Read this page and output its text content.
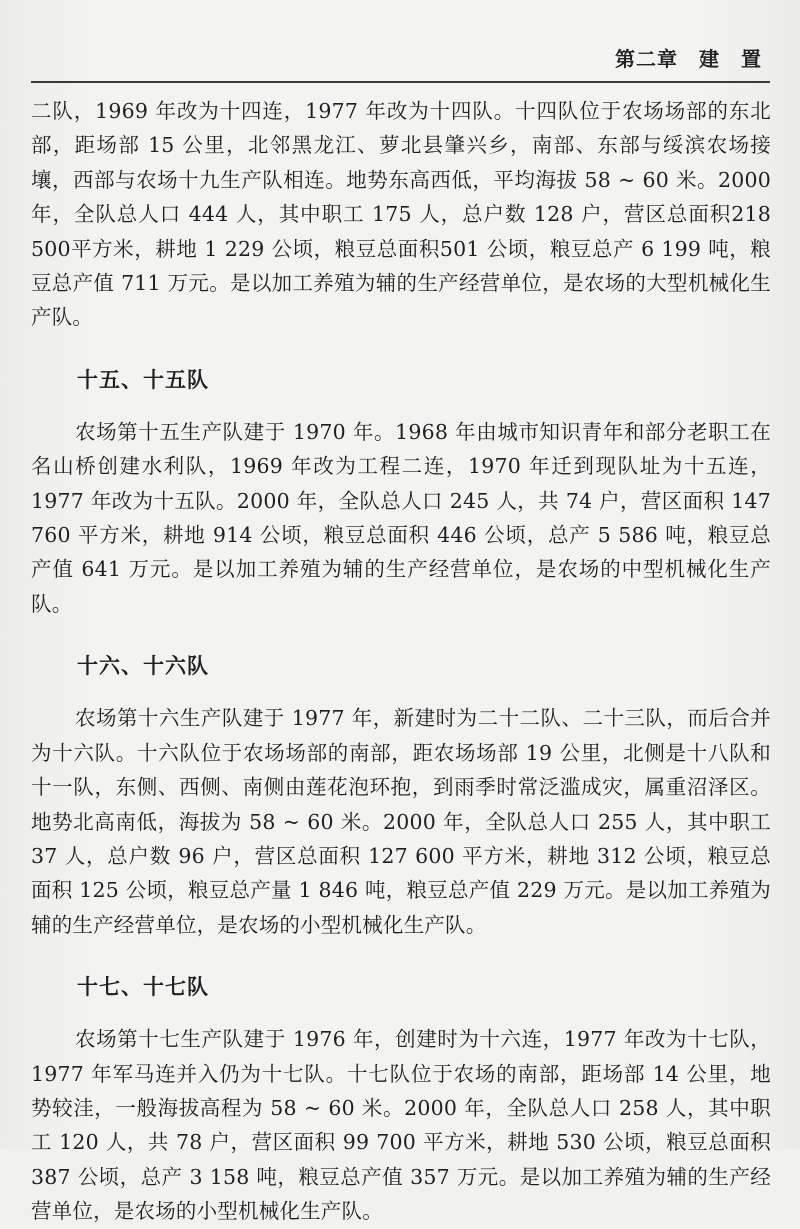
第二章　建　置

二队，1969 年改为十四连，1977 年改为十四队。十四队位于农场场部的东北部，距场部 15 公里，北邻黑龙江、萝北县肇兴乡，南部、东部与绥滨农场接壤，西部与农场十九生产队相连。地势东高西低，平均海拔 58 ~ 60 米。2000 年，全队总人口 444 人，其中职工 175 人，总户数 128 户，营区总面积218 500平方米，耕地 1 229 公顷，粮豆总面积501 公顷，粮豆总产 6 199 吨，粮豆总产值 711 万元。是以加工养殖为辅的生产经营单位，是农场的大型机械化生产队。

十五、十五队

农场第十五生产队建于 1970 年。1968 年由城市知识青年和部分老职工在名山桥创建水利队，1969 年改为工程二连，1970 年迁到现队址为十五连，1977 年改为十五队。2000 年，全队总人口 245 人，共 74 户，营区面积 147 760 平方米，耕地 914 公顷，粮豆总面积 446 公顷，总产 5 586 吨，粮豆总产值 641 万元。是以加工养殖为辅的生产经营单位，是农场的中型机械化生产队。

十六、十六队

农场第十六生产队建于 1977 年，新建时为二十二队、二十三队，而后合并为十六队。十六队位于农场场部的南部，距农场场部 19 公里，北侧是十八队和十一队，东侧、西侧、南侧由莲花泡环抱，到雨季时常泛滥成灾，属重沼泽区。地势北高南低，海拔为 58 ~ 60 米。2000 年，全队总人口 255 人，其中职工 37 人，总户数 96 户，营区总面积 127 600 平方米，耕地 312 公顷，粮豆总面积 125 公顷，粮豆总产量 1 846 吨，粮豆总产值 229 万元。是以加工养殖为辅的生产经营单位，是农场的小型机械化生产队。

十七、十七队

农场第十七生产队建于 1976 年，创建时为十六连，1977 年改为十七队，1977 年军马连并入仍为十七队。十七队位于农场的南部，距场部 14 公里，地势较洼，一般海拔高程为 58 ~ 60 米。2000 年，全队总人口 258 人，其中职工 120 人，共 78 户，营区面积 99 700 平方米，耕地 530 公顷，粮豆总面积 387 公顷，总产 3 158 吨，粮豆总产值 357 万元。是以加工养殖为辅的生产经营单位，是农场的小型机械化生产队。
